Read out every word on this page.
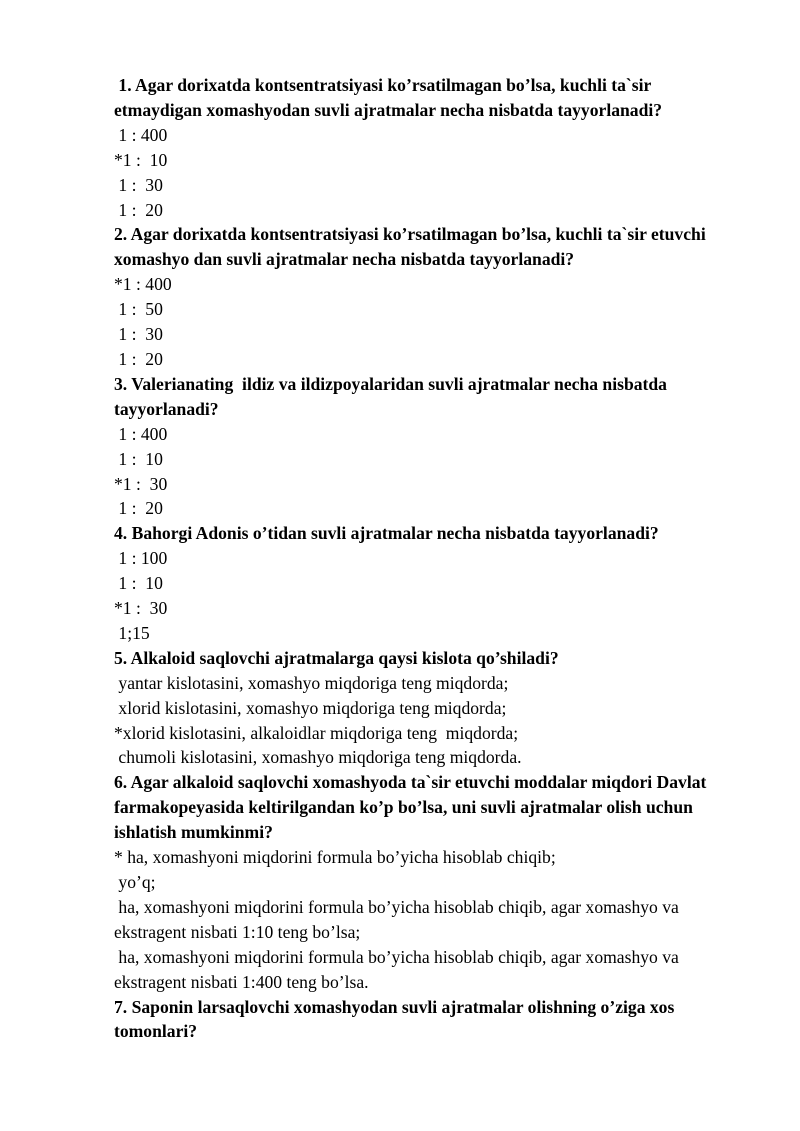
1. Agar dorixatda kontsentratsiyasi ko’rsatilmagan bo’lsa, kuchli ta`sir etmaydigan xomashyodan suvli ajratmalar necha nisbatda tayyorlanadi?
1 : 400
*1 :  10
1 :  30
1 :  20
2. Agar dorixatda kontsentratsiyasi ko’rsatilmagan bo’lsa, kuchli ta`sir etuvchi xomashyo dan suvli ajratmalar necha nisbatda tayyorlanadi?
*1 : 400
1 :  50
1 :  30
1 :  20
3. Valerianating  ildiz va ildizpoyalaridan suvli ajratmalar necha nisbatda tayyorlanadi?
1 : 400
1 :  10
*1 :  30
1 :  20
4. Bahorgi Adonis o’tidan suvli ajratmalar necha nisbatda tayyorlanadi?
1 : 100
1 :  10
*1 :  30
1;15
5. Alkaloid saqlovchi ajratmalarga qaysi kislota qo’shiladi?
yantar kislotasini, xomashyo miqdoriga teng miqdorda;
xlorid kislotasini, xomashyo miqdoriga teng miqdorda;
*xlorid kislotasini, alkaloidlar miqdoriga teng  miqdorda;
chumoli kislotasini, xomashyo miqdoriga teng miqdorda.
6. Agar alkaloid saqlovchi xomashyoda ta`sir etuvchi moddalar miqdori Davlat farmakopeyasida keltirilgandan ko’p bo’lsa, uni suvli ajratmalar olish uchun ishlatish mumkinmi?
* ha, xomashyoni miqdorini formula bo’yicha hisoblab chiqib;
yo’q;
ha, xomashyoni miqdorini formula bo’yicha hisoblab chiqib, agar xomashyo va ekstragent nisbati 1:10 teng bo’lsa;
ha, xomashyoni miqdorini formula bo’yicha hisoblab chiqib, agar xomashyo va ekstragent nisbati 1:400 teng bo’lsa.
7. Saponin larsaqlovchi xomashyodan suvli ajratmalar olishning o’ziga xos tomonlari?
